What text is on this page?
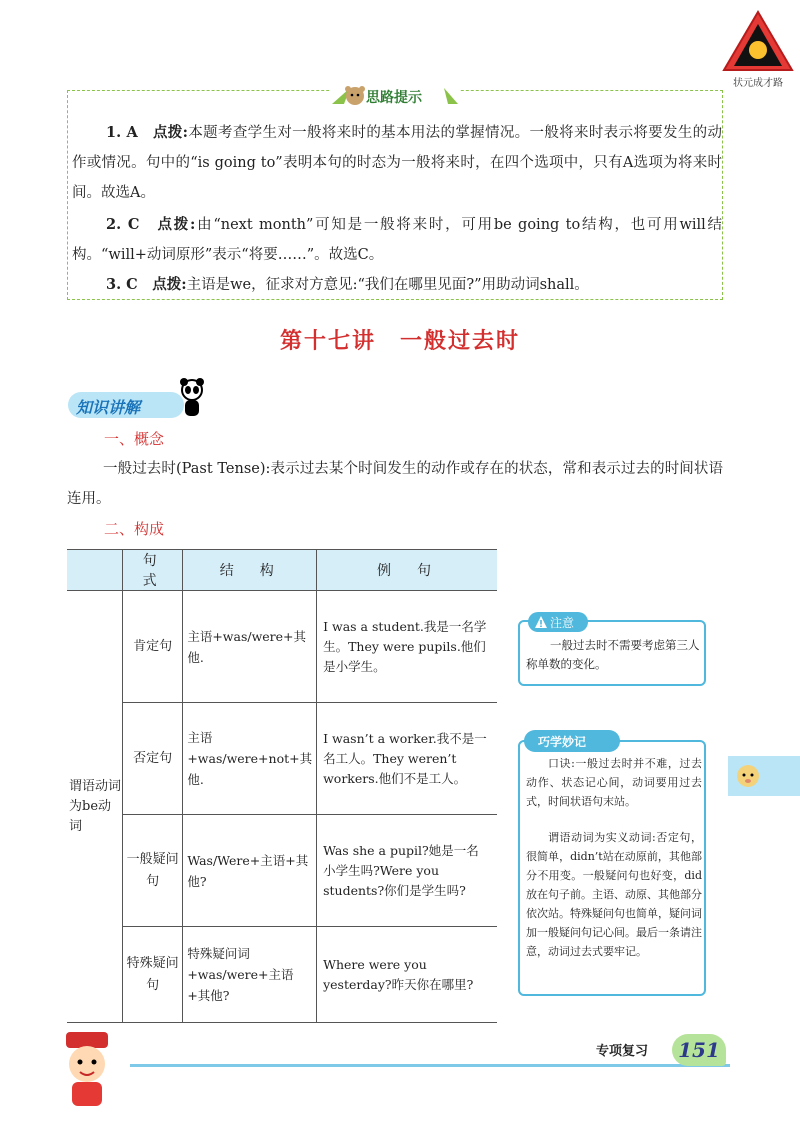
状元成才路
思路提示
1. A　 点拨:本题考查学生对一般将来时的基本用法的掌握情况。一般将来时表示将要发生的动作或情况。句中的“is going to”表明本句的时态为一般将来时，在四个选项中，只有A选项为将来时间。故选A。
2. C　 点拨:由“next month”可知是一般将来时，可用be going to结构，也可用will结构。“will+动词原形”表示“将要……”。故选C。
3. C　 点拨:主语是we，征求对方意见:“我们在哪里见面?”用助动词shall。
第十七讲　一般过去时
知识讲解
一、概念
一般过去时(Past Tense):表示过去某个时间发生的动作或存在的状态，常和表示过去的时间状语连用。
二、构成
	句　式	结　构	例　句
谓语动词为be动词	肯定句	主语+was/were+其他.	I was a student.我是一名学生。They were pupils.他们是小学生。
	否定句	主语+was/were+not+其他.	I wasn’t a worker.我不是一名工人。They weren’t workers.他们不是工人。
	一般疑问句	Was/Were+主语+其他?	Was she a pupil?她是一名小学生吗?Were you students?你们是学生吗?
	特殊疑问句	特殊疑问词+was/were+主语+其他?	Where were you yesterday?昨天你在哪里?
注意
一般过去时不需要考虑第三人称单数的变化。
巧学妙记
口诀:一般过去时并不难，过去动作、状态记心间，动词要用过去式，时间状语句末站。
谓语动词为实义动词:否定句，很简单，didn’t站在动原前，其他部分不用变。一般疑问句也好变，did放在句子前。主语、动原、其他部分依次站。特殊疑问句也简单，疑问词加一般疑问句记心间。最后一条请注意，动词过去式要牢记。
专项复习	151
